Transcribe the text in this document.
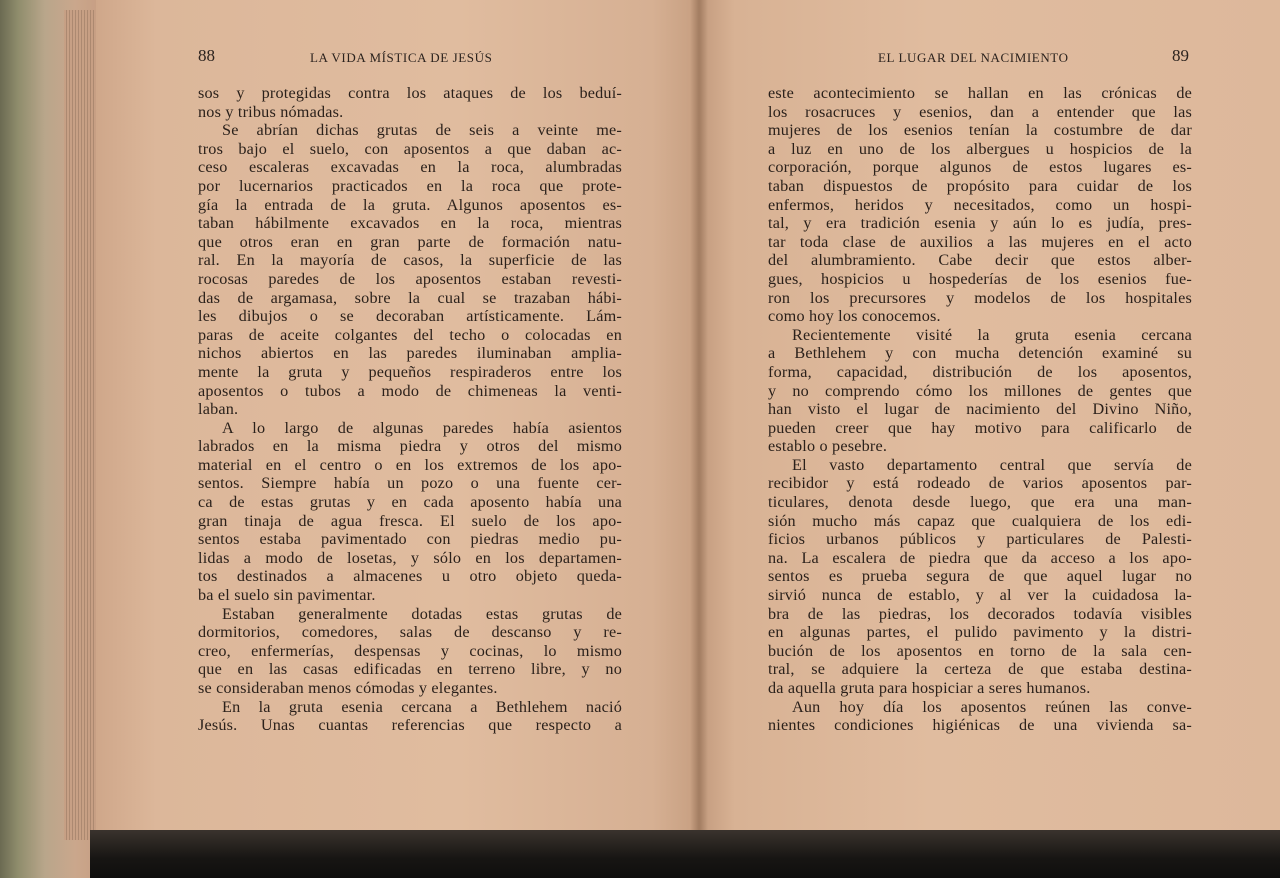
88	LA VIDA MÍSTICA DE JESÚS	EL LUGAR DEL NACIMIENTO	89
sos y protegidas contra los ataques de los beduí-
nos y tribus nómadas.
Se abrían dichas grutas de seis a veinte me-
tros bajo el suelo, con aposentos a que daban ac-
ceso escaleras excavadas en la roca, alumbradas
por lucernarios practicados en la roca que prote-
gía la entrada de la gruta. Algunos aposentos es-
taban hábilmente excavados en la roca, mientras
que otros eran en gran parte de formación natu-
ral. En la mayoría de casos, la superficie de las
rocosas paredes de los aposentos estaban revesti-
das de argamasa, sobre la cual se trazaban hábi-
les dibujos o se decoraban artísticamente. Lám-
paras de aceite colgantes del techo o colocadas en
nichos abiertos en las paredes iluminaban amplia-
mente la gruta y pequeños respiraderos entre los
aposentos o tubos a modo de chimeneas la venti-
laban.
A lo largo de algunas paredes había asientos
labrados en la misma piedra y otros del mismo
material en el centro o en los extremos de los apo-
sentos. Siempre había un pozo o una fuente cer-
ca de estas grutas y en cada aposento había una
gran tinaja de agua fresca. El suelo de los apo-
sentos estaba pavimentado con piedras medio pu-
lidas a modo de losetas, y sólo en los departamen-
tos destinados a almacenes u otro objeto queda-
ba el suelo sin pavimentar.
Estaban generalmente dotadas estas grutas de
dormitorios, comedores, salas de descanso y re-
creo, enfermerías, despensas y cocinas, lo mismo
que en las casas edificadas en terreno libre, y no
se consideraban menos cómodas y elegantes.
En la gruta esenia cercana a Bethlehem nació
Jesús. Unas cuantas referencias que respecto a
este acontecimiento se hallan en las crónicas de
los rosacruces y esenios, dan a entender que las
mujeres de los esenios tenían la costumbre de dar
a luz en uno de los albergues u hospicios de la
corporación, porque algunos de estos lugares es-
taban dispuestos de propósito para cuidar de los
enfermos, heridos y necesitados, como un hospi-
tal, y era tradición esenia y aún lo es judía, pres-
tar toda clase de auxilios a las mujeres en el acto
del alumbramiento. Cabe decir que estos alber-
gues, hospicios u hospederías de los esenios fue-
ron los precursores y modelos de los hospitales
como hoy los conocemos.
Recientemente visité la gruta esenia cercana
a Bethlehem y con mucha detención examiné su
forma, capacidad, distribución de los aposentos,
y no comprendo cómo los millones de gentes que
han visto el lugar de nacimiento del Divino Niño,
pueden creer que hay motivo para calificarlo de
establo o pesebre.
El vasto departamento central que servía de
recibidor y está rodeado de varios aposentos par-
ticulares, denota desde luego, que era una man-
sión mucho más capaz que cualquiera de los edi-
ficios urbanos públicos y particulares de Palesti-
na. La escalera de piedra que da acceso a los apo-
sentos es prueba segura de que aquel lugar no
sirvió nunca de establo, y al ver la cuidadosa la-
bra de las piedras, los decorados todavía visibles
en algunas partes, el pulido pavimento y la distri-
bución de los aposentos en torno de la sala cen-
tral, se adquiere la certeza de que estaba destina-
da aquella gruta para hospiciar a seres humanos.
Aun hoy día los aposentos reúnen las conve-
nientes condiciones higiénicas de una vivienda sa-
